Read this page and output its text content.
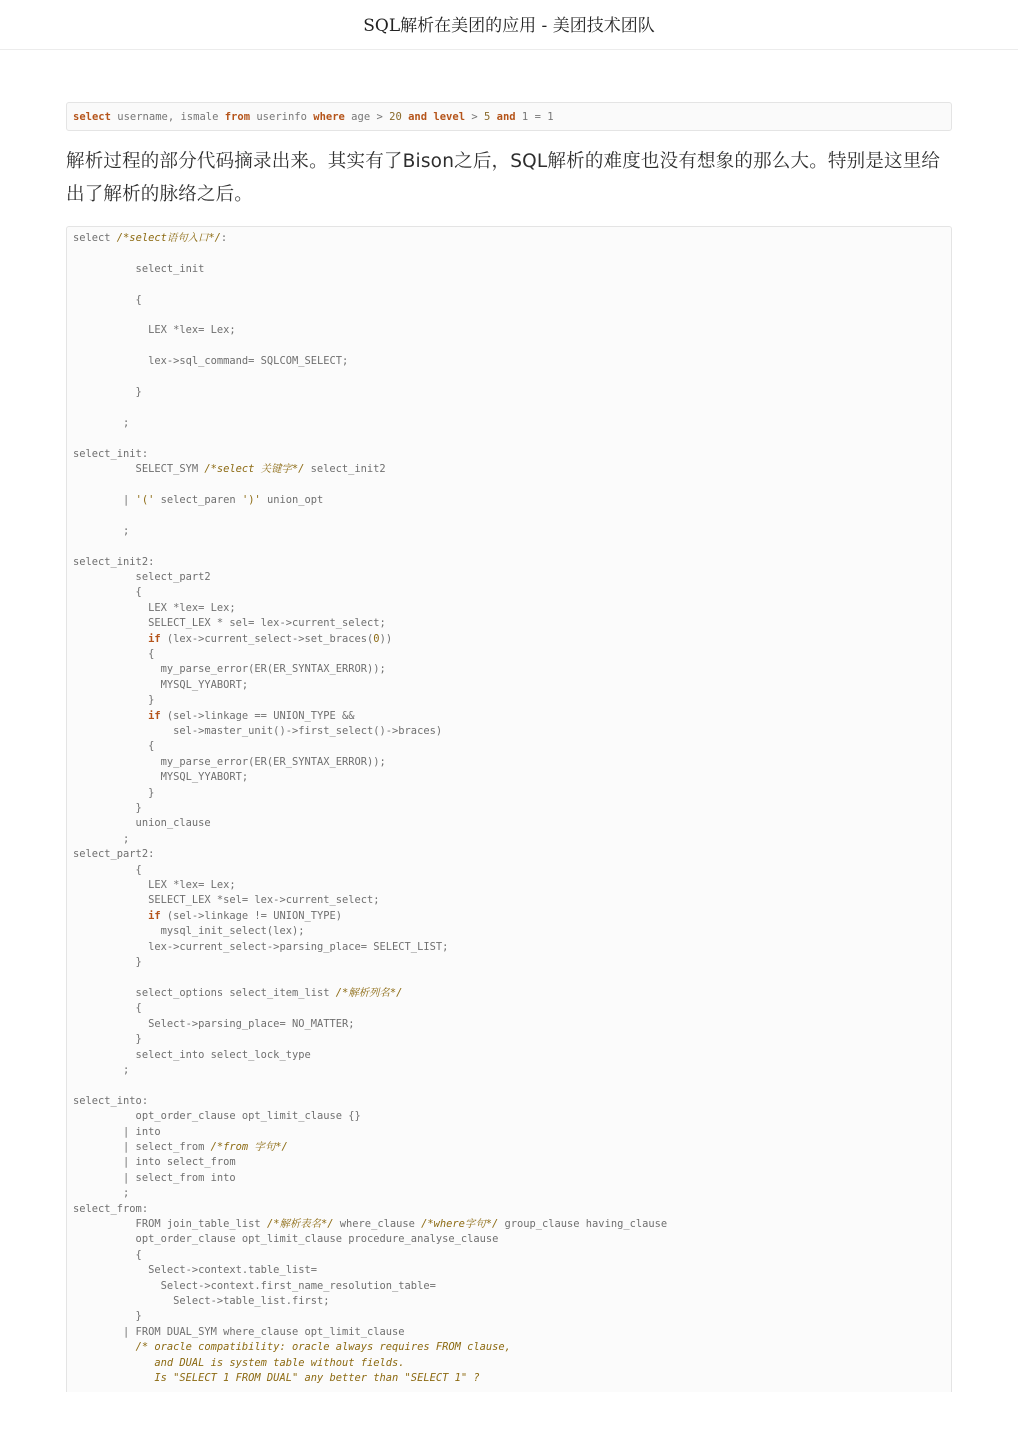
SQL解析在美团的应用 - 美团技术团队
select username, ismale from userinfo where age > 20
and
level > 5
and 1 = 1

解析过程的部分代码摘录出来。其实有了Bison之后，SQL解析的难度也没有想象的那么大。特别是这里给出了解析的脉络之后。

select /*select语句入口*/:
select_init
{
LEX *lex= Lex;
lex->sql_command= SQLCOM_SELECT;
}
;
select_init:
SELECT_SYM /*select 关键字*/ select_init2
| '(' select_paren ')' union_opt
;
select_init2:
select_part2
{
LEX *lex= Lex;
SELECT_LEX * sel= lex->current_select;
if (lex->current_select->set_braces(0))
{
my_parse_error(ER(ER_SYNTAX_ERROR));
MYSQL_YYABORT;
}
if (sel->linkage == UNION_TYPE &&
sel->master_unit()->first_select()->braces)
{
my_parse_error(ER(ER_SYNTAX_ERROR));
MYSQL_YYABORT;
}
}
union_clause
;
select_part2:
{
LEX *lex= Lex;
SELECT_LEX *sel= lex->current_select;
if (sel->linkage != UNION_TYPE)
mysql_init_select(lex);
lex->current_select->parsing_place= SELECT_LIST;
}
select_options select_item_list /*解析列名*/
{
Select->parsing_place= NO_MATTER;
}
select_into select_lock_type
;
select_into:
opt_order_clause opt_limit_clause {}
| into
| select_from /*from 字句*/
| into select_from
| select_from into
;
select_from:
FROM join_table_list /*解析表名*/ where_clause /*where字句*/ group_clause having_clause
opt_order_clause opt_limit_clause procedure_analyse_clause
{
Select->context.table_list=
Select->context.first_name_resolution_table=
Select->table_list.first;
}
| FROM DUAL_SYM where_clause opt_limit_clause
/* oracle compatibility: oracle always requires FROM clause,
and DUAL is system table without fields.
Is "SELECT 1 FROM DUAL" any better than "SELECT 1" ?
